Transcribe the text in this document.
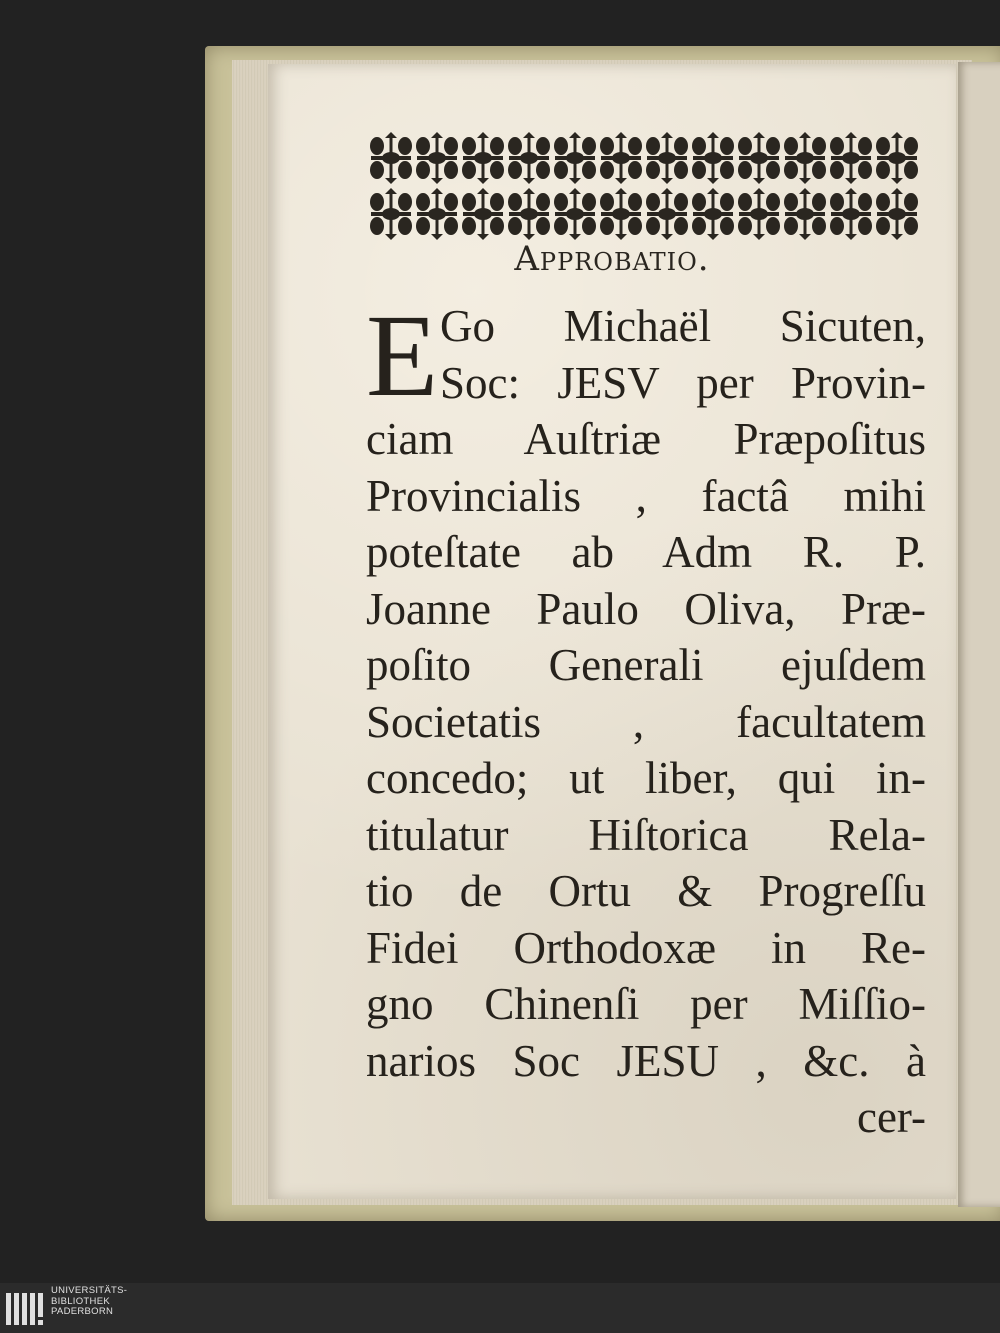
Approbatio.
E Go Michaël Sicuten,
Soc: JESV per Provin-
ciam Auſtriæ Præpoſitus
Provincialis , factâ mihi
poteſtate ab Adm R. P.
Joanne Paulo Oliva, Præ-
poſito Generali ejuſdem
Societatis , facultatem
concedo; ut liber, qui in-
titulatur Hiſtorica Rela-
tio de Ortu & Progreſſu
Fidei Orthodoxæ in Re-
gno Chinenſi per Miſſio-
narios Soc JESU , &c. à
cer-
UNIVERSITÄTS-
BIBLIOTHEK
PADERBORN
